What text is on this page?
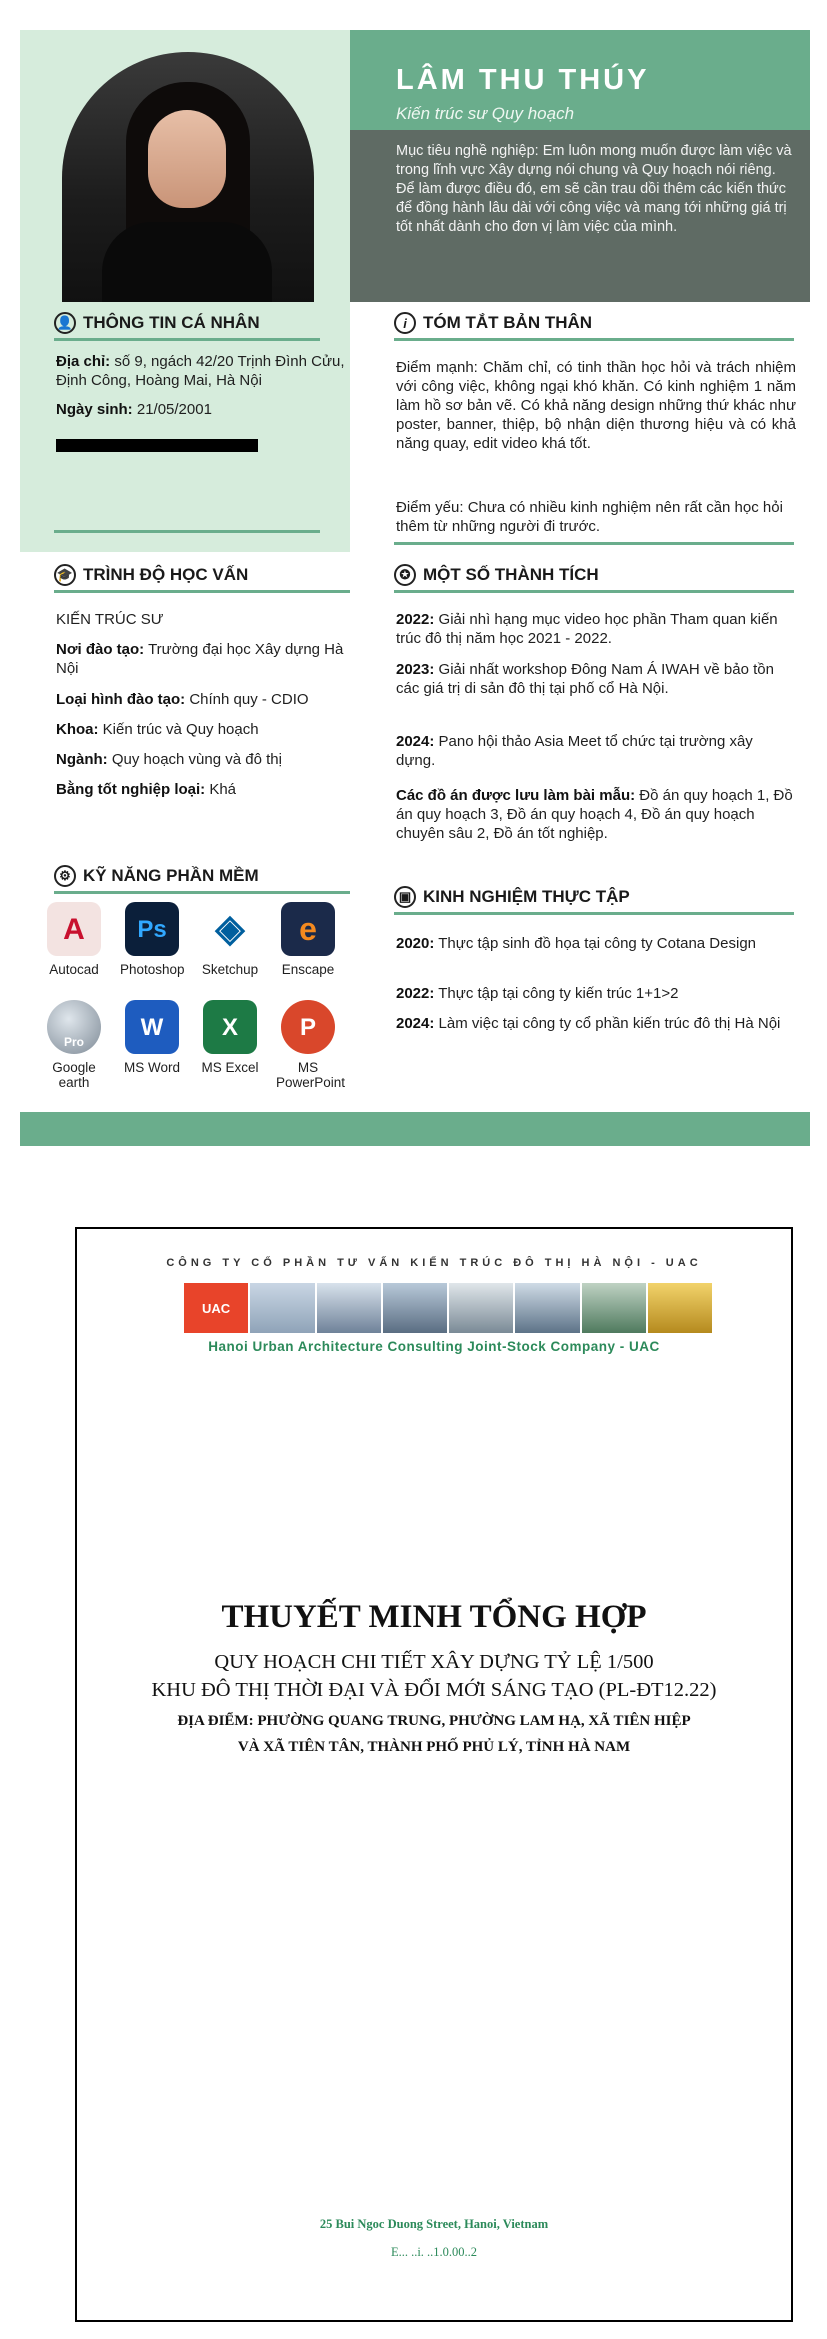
LÂM THU THÚY
Kiến trúc sư Quy hoạch
Mục tiêu nghề nghiệp: Em luôn mong muốn được làm việc và trong lĩnh vực Xây dựng nói chung và Quy hoạch nói riêng. Để làm được điều đó, em sẽ cần trau dồi thêm các kiến thức để đồng hành lâu dài với công việc và mang tới những giá trị tốt nhất dành cho đơn vị làm việc của mình.
👤 THÔNG TIN CÁ NHÂN
Địa chỉ: số 9, ngách 42/20 Trịnh Đình Cửu, Định Công, Hoàng Mai, Hà Nội
Ngày sinh: 21/05/2001
i TÓM TẮT BẢN THÂN
Điểm mạnh: Chăm chỉ, có tinh thần học hỏi và trách nhiệm với công việc, không ngại khó khăn. Có kinh nghiệm 1 năm làm hồ sơ bản vẽ. Có khả năng design những thứ khác như poster, banner, thiệp, bộ nhận diện thương hiệu và có khả năng quay, edit video khá tốt.
Điểm yếu: Chưa có nhiều kinh nghiệm nên rất cần học hỏi thêm từ những người đi trước.
🎓 TRÌNH ĐỘ HỌC VẤN
KIẾN TRÚC SƯ
Nơi đào tạo: Trường đại học Xây dựng Hà Nội
Loại hình đào tạo: Chính quy - CDIO
Khoa: Kiến trúc và Quy hoạch
Ngành: Quy hoạch vùng và đô thị
Bằng tốt nghiệp loại: Khá
✪ MỘT SỐ THÀNH TÍCH
2022: Giải nhì hạng mục video học phần Tham quan kiến trúc đô thị năm học 2021 - 2022.
2023: Giải nhất workshop Đông Nam Á IWAH về bảo tồn các giá trị di sản đô thị tại phố cổ Hà Nội.
2024: Pano hội thảo Asia Meet tổ chức tại trường xây dựng.
Các đồ án được lưu làm bài mẫu: Đồ án quy hoạch 1, Đồ án quy hoạch 3, Đồ án quy hoạch 4, Đồ án quy hoạch chuyên sâu 2, Đồ án tốt nghiệp.
⚙ KỸ NĂNG PHẦN MỀM
A
Autocad
Ps
Photoshop
◈
Sketchup
e
Enscape
Pro
Google earth
W
MS Word
X
MS Excel
P
MS PowerPoint
▣ KINH NGHIỆM THỰC TẬP
2020: Thực tập sinh đồ họa tại công ty Cotana Design
2022: Thực tập tại công ty kiến trúc 1+1>2
2024: Làm việc tại công ty cổ phần kiến trúc đô thị Hà Nội
CÔNG TY CỔ PHẦN TƯ VẤN KIẾN TRÚC ĐÔ THỊ HÀ NỘI - UAC
UAC
Hanoi Urban Architecture Consulting Joint-Stock Company - UAC
THUYẾT MINH TỔNG HỢP
QUY HOẠCH CHI TIẾT XÂY DỰNG TỶ LỆ 1/500
KHU ĐÔ THỊ THỜI ĐẠI VÀ ĐỔI MỚI SÁNG TẠO (PL-ĐT12.22)
ĐỊA ĐIỂM: PHƯỜNG QUANG TRUNG, PHƯỜNG LAM HẠ, XÃ TIÊN HIỆP
VÀ XÃ TIÊN TÂN, THÀNH PHỐ PHỦ LÝ, TỈNH HÀ NAM
25 Bui Ngoc Duong Street, Hanoi, Vietnam
E... ..i. ..1.0.00..2
